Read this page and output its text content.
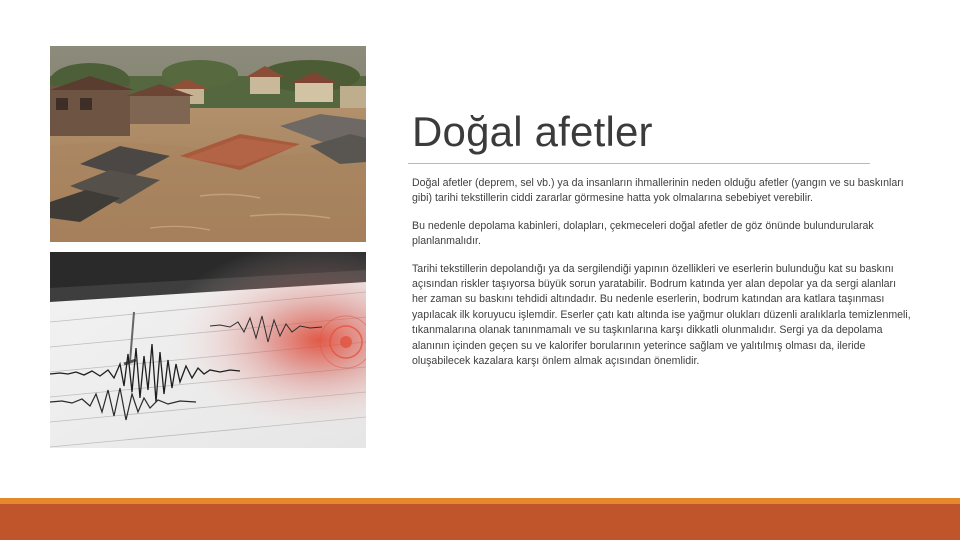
Doğal afetler

Doğal afetler (deprem, sel vb.) ya da insanların ihmallerinin neden olduğu afetler (yangın ve su baskınları gibi) tarihi tekstillerin ciddi zararlar görmesine hatta yok olmalarına sebebiyet verebilir.

Bu nedenle depolama kabinleri, dolapları, çekmeceleri doğal afetler de göz önünde bulundurularak planlanmalıdır.

Tarihi tekstillerin depolandığı ya da sergilendiği yapının özellikleri ve eserlerin bulunduğu kat su baskını açısından riskler taşıyorsa büyük sorun yaratabilir. Bodrum katında yer alan depolar ya da sergi alanları her zaman su baskını tehdidi altındadır. Bu nedenle eserlerin, bodrum katından ara katlara taşınması yapılacak ilk koruyucu işlemdir. Eserler çatı katı altında ise yağmur olukları düzenli aralıklarla temizlenmeli, tıkanmalarına olanak tanınmamalı ve su taşkınlarına karşı dikkatli olunmalıdır. Sergi ya da depolama alanının içinden geçen su ve kalorifer borularının yeterince sağlam ve yalıtılmış olması da, ileride oluşabilecek kazalara karşı önlem almak açısından önemlidir.
